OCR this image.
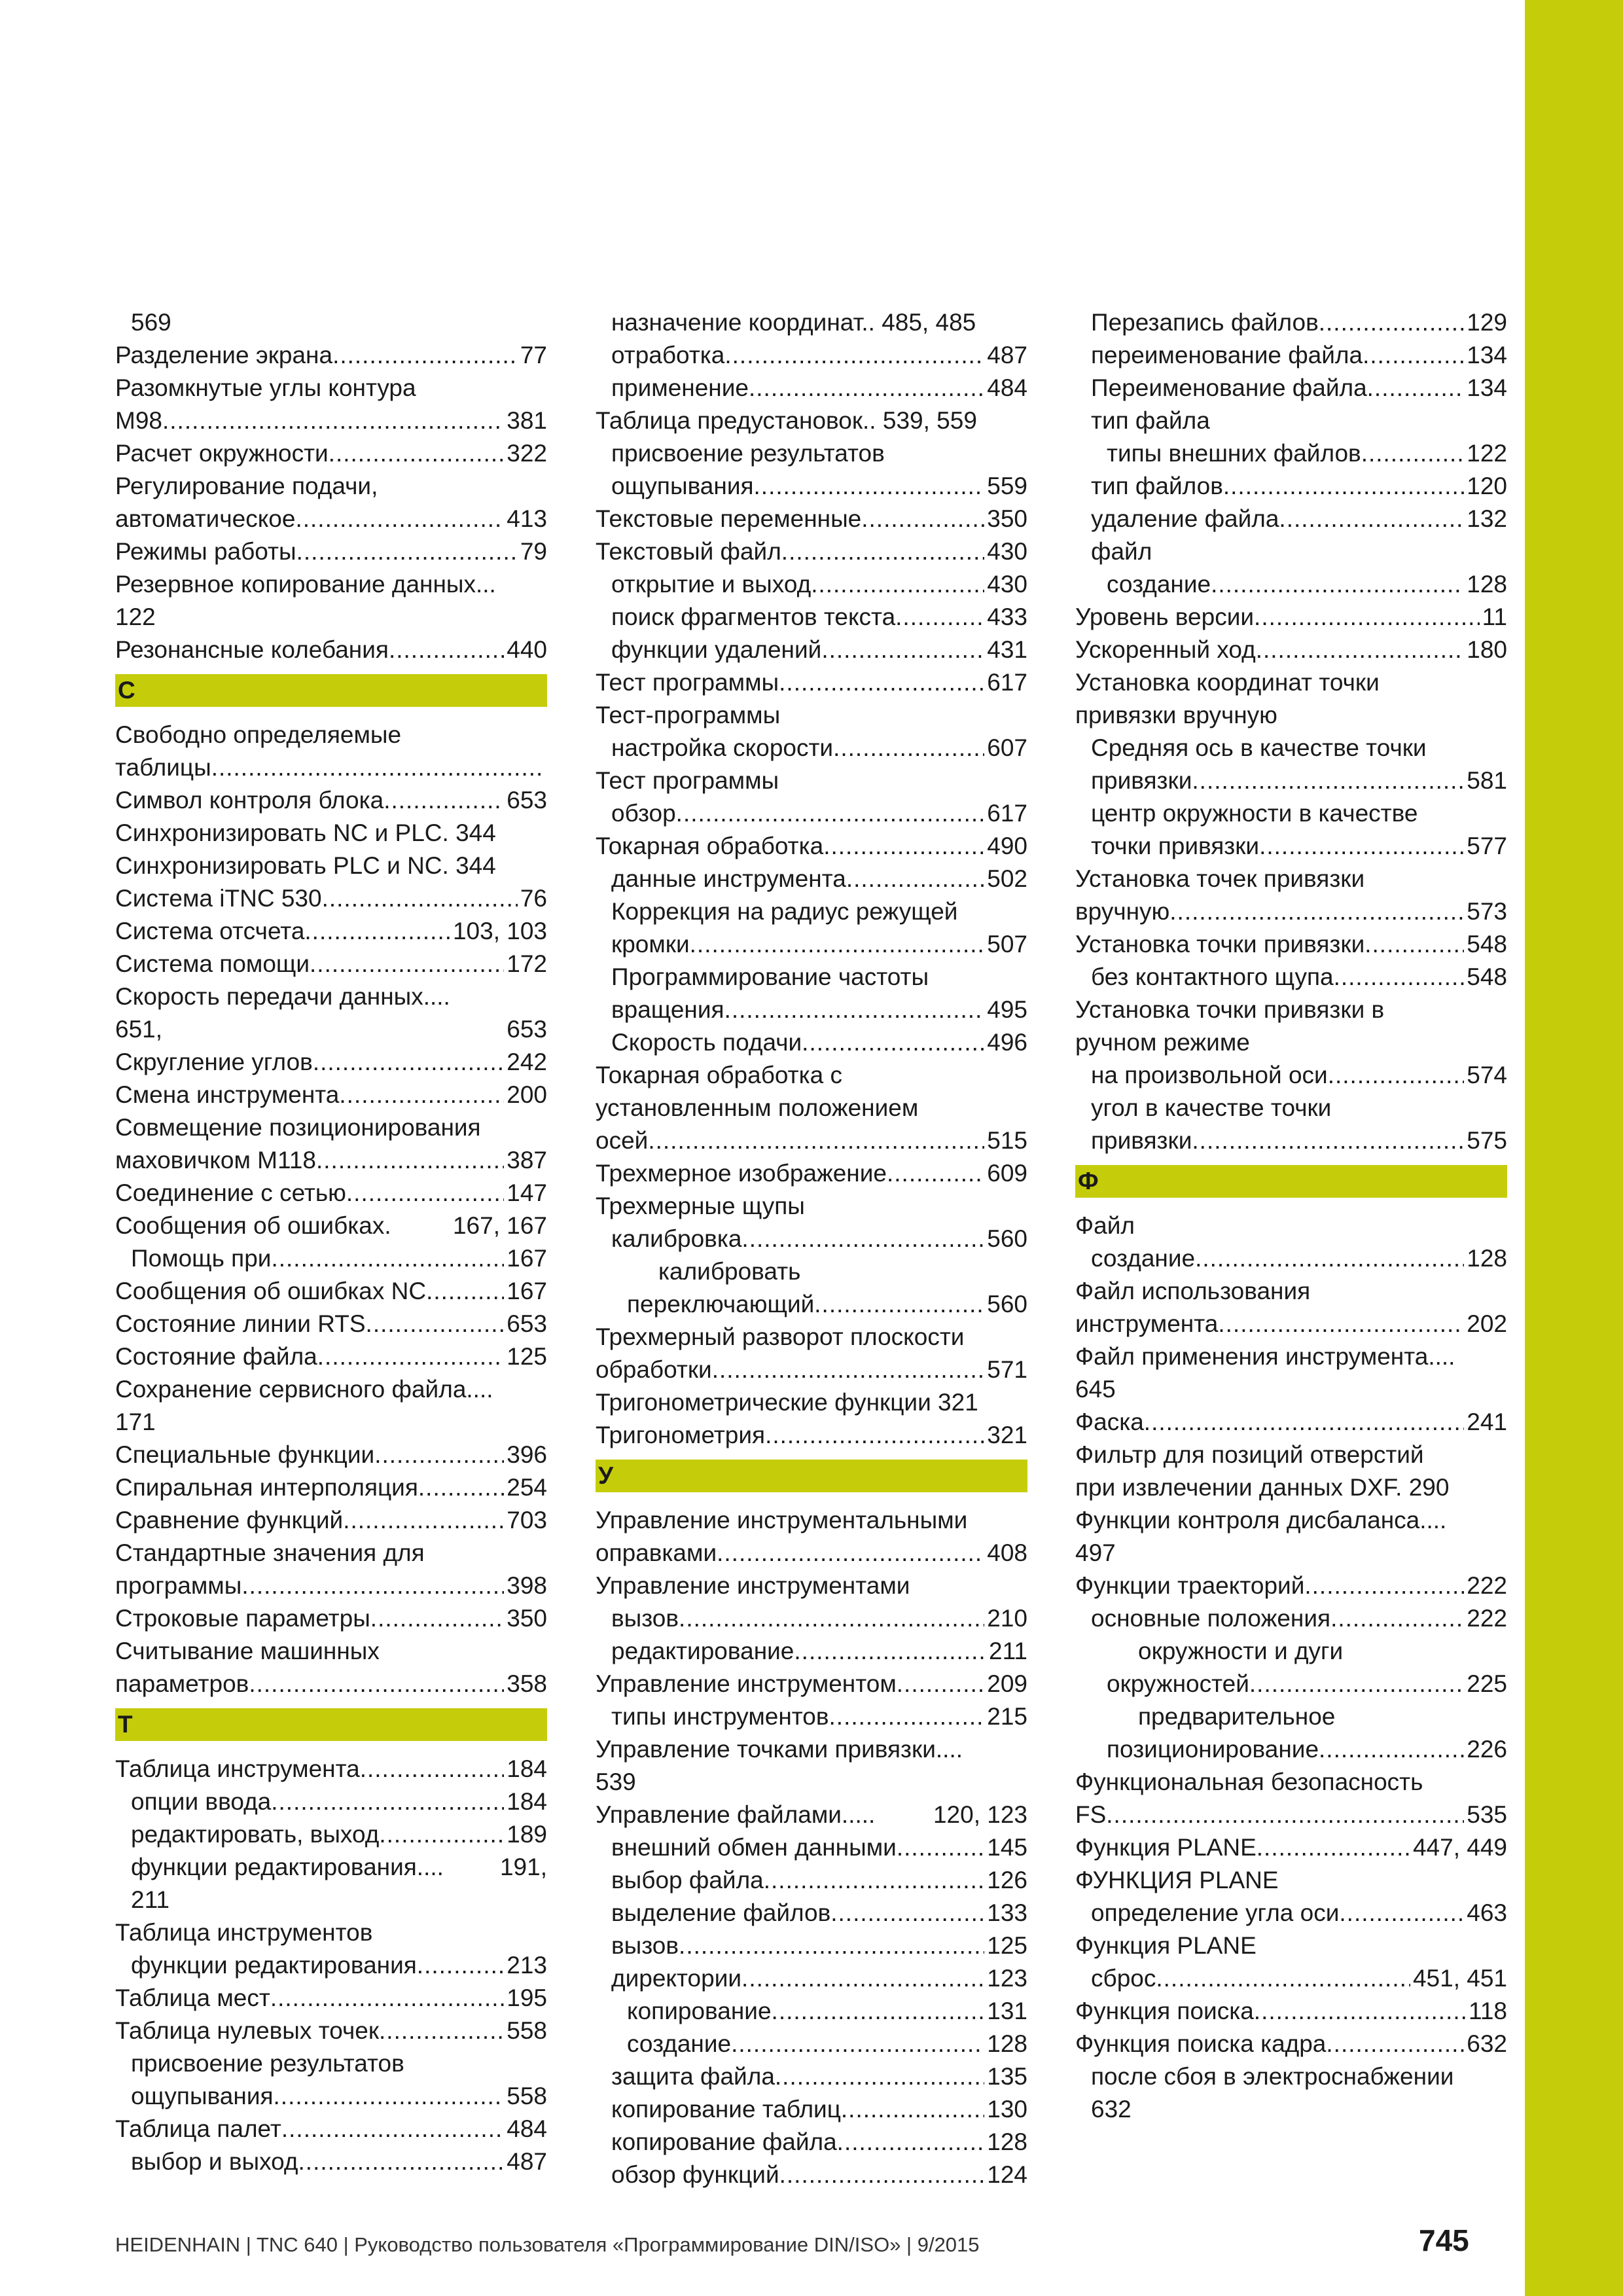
569
Разделение экрана .....	77
Разомкнутые углы контура
M98 .....	381
Расчет окружности .....	322
Регулирование подачи,
автоматическое .....	413
Режимы работы .....	79
Резервное копирование данных...
122
Резонансные колебания .....	440
С
Свободно определяемые
таблицы
.....
Символ контроля блока .....	653
Синхронизировать NC и PLC. 344
Синхронизировать PLC и NC. 344
Система iTNC 530 .....	76
Система отсчета .....	103, 103
Система помощи .....	172
Скорость передачи данных....
651,	653
Скругление углов .....	242
Смена инструмента .....	200
Совмещение позиционирования
маховичком M118 .....	387
Соединение с сетью .....	147
Сообщения об ошибках.	167, 167
Помощь при .....	167
Сообщения об ошибках NC .....	167
Состояние линии RTS .....	653
Состояние файла .....	125
Сохранение сервисного файла....
171
Специальные функции .....	396
Спиральная интерполяция .....	254
Сравнение функций .....	703
Стандартные значения для
программы .....	398
Строковые параметры .....	350
Считывание машинных
параметров .....	358
Т
Таблица инструмента .....	184
опции ввода .....	184
редактировать, выход .....	189
функции редактирования.... 191,
211
Таблица инструментов
функции редактирования .....	213
Таблица мест .....	195
Таблица нулевых точек .....	558
присвоение результатов
ощупывания .....	558
Таблица палет .....	484
выбор и выход .....	487
назначение координат.. 485, 485
отработка .....	487
применение .....	484
Таблица предустановок.. 539, 559
присвоение результатов
ощупывания .....	559
Текстовые переменные .....	350
Текстовый файл .....	430
открытие и выход .....	430
поиск фрагментов текста .....	433
функции удалений .....	431
Тест программы .....	617
Тест-программы
настройка скорости .....	607
Тест программы
обзор .....	617
Токарная обработка .....	490
данные инструмента .....	502
Коррекция на радиус режущей
кромки .....	507
Программирование частоты
вращения .....	495
Скорость подачи .....	496
Токарная обработка с
установленным положением
осей .....	515
Трехмерное изображение .....	609
Трехмерные щупы
калибровка .....	560
калибровать
переключающий .....	560
Трехмерный разворот плоскости
обработки .....	571
Тригонометрические функции 321
Тригонометрия .....	321
У
Управление инструментальными
оправками .....	408
Управление инструментами
вызов .....	210
редактирование .....	211
Управление инструментом .....	209
типы инструментов .....	215
Управление точками привязки....
539
Управление файлами..... 120, 123
внешний обмен данными .....	145
выбор файла .....	126
выделение файлов .....	133
вызов .....	125
директории .....	123
копирование .....	131
создание .....	128
защита файла .....	135
копирование таблиц .....	130
копирование файла .....	128
обзор функций .....	124
Перезапись файлов .....	129
переименование файла .....	134
Переименование файла .....	134
тип файла
типы внешних файлов .....	122
тип файлов .....	120
удаление файла .....	132
файл
создание .....	128
Уровень версии .....	11
Ускоренный ход .....	180
Установка координат точки
привязки вручную
Средняя ось в качестве точки
привязки .....	581
центр окружности в качестве
точки привязки .....	577
Установка точек привязки
вручную .....	573
Установка точки привязки .....	548
без контактного щупа .....	548
Установка точки привязки в
ручном режиме
на произвольной оси .....	574
угол в качестве точки
привязки .....	575
Ф
Файл
создание .....	128
Файл использования
инструмента .....	202
Файл применения инструмента....
645
Фаска .....	241
Фильтр для позиций отверстий
при извлечении данных DXF. 290
Функции контроля дисбаланса....
497
Функции траекторий .....	222
основные положения .....	222
окружности и дуги
окружностей .....	225
предварительное
позиционирование .....	226
Функциональная безопасность
FS .....	535
Функция PLANE .....	447, 449
ФУНКЦИЯ PLANE
определение угла оси .....	463
Функция PLANE
сброс .....	451, 451
Функция поиска .....	118
Функция поиска кадра .....	632
после сбоя в электроснабжении
632
HEIDENHAIN | TNC 640 | Руководство пользователя «Программирование DIN/ISO» | 9/2015	745
